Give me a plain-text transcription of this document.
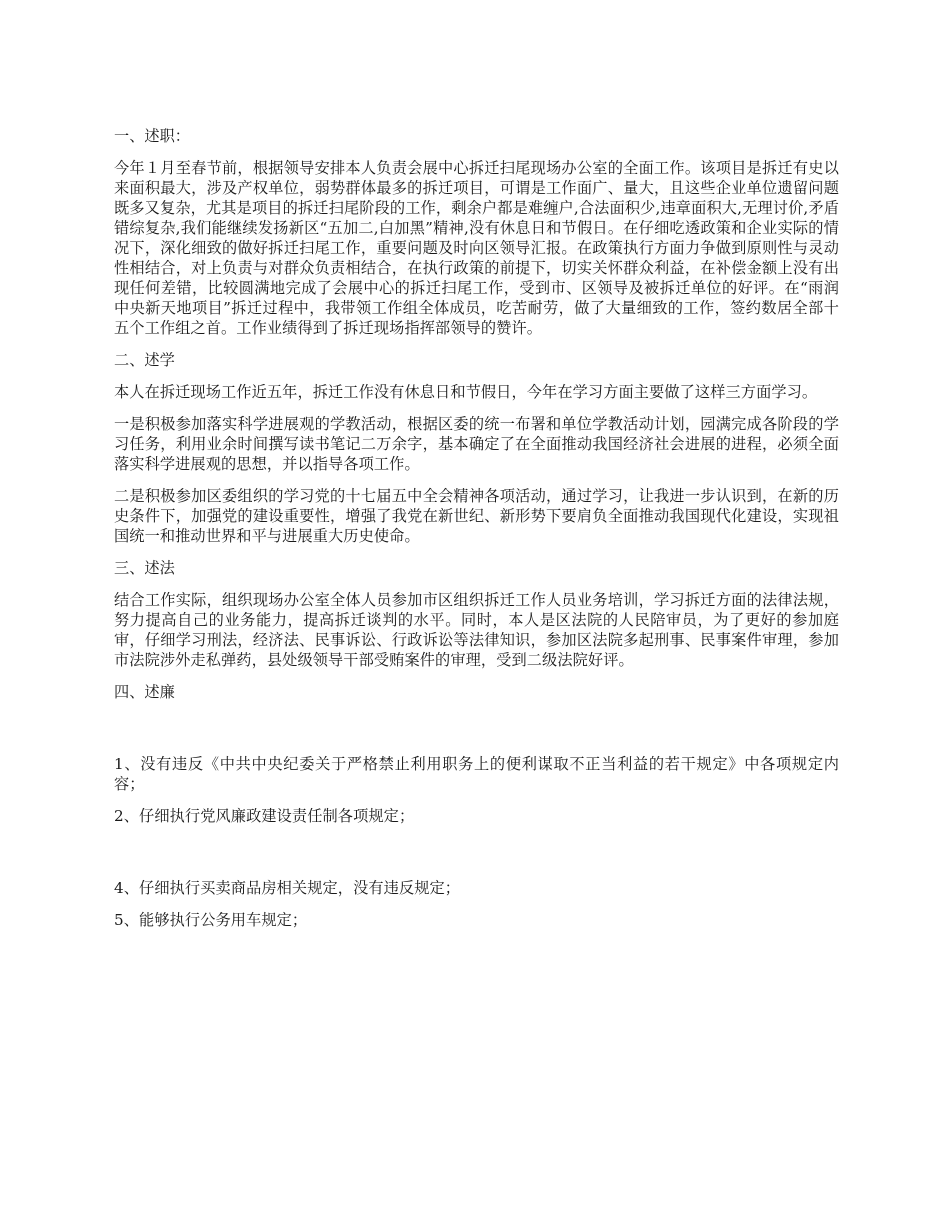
一、述职：

今年１月至春节前，根据领导安排本人负责会展中心拆迁扫尾现场办公室的全面工作。该项目是拆迁有史以来面积最大，涉及产权单位，弱势群体最多的拆迁项目，可谓是工作面广、量大，且这些企业单位遗留问题既多又复杂，尤其是项目的拆迁扫尾阶段的工作，剩余户都是难缠户,合法面积少,违章面积大,无理讨价,矛盾错综复杂,我们能继续发扬新区“五加二,白加黑”精神,没有休息日和节假日。在仔细吃透政策和企业实际的情况下，深化细致的做好拆迁扫尾工作，重要问题及时向区领导汇报。在政策执行方面力争做到原则性与灵动性相结合，对上负责与对群众负责相结合，在执行政策的前提下，切实关怀群众利益，在补偿金额上没有出现任何差错，比较圆满地完成了会展中心的拆迁扫尾工作，受到市、区领导及被拆迁单位的好评。在“雨润中央新天地项目”拆迁过程中，我带领工作组全体成员，吃苦耐劳，做了大量细致的工作，签约数居全部十五个工作组之首。工作业绩得到了拆迁现场指挥部领导的赞许。

二、述学

本人在拆迁现场工作近五年，拆迁工作没有休息日和节假日，今年在学习方面主要做了这样三方面学习。

一是积极参加落实科学进展观的学教活动，根据区委的统一布署和单位学教活动计划，园满完成各阶段的学习任务，利用业余时间撰写读书笔记二万余字，基本确定了在全面推动我国经济社会进展的进程，必须全面落实科学进展观的思想，并以指导各项工作。

二是积极参加区委组织的学习党的十七届五中全会精神各项活动，通过学习，让我进一步认识到，在新的历史条件下，加强党的建设重要性，增强了我党在新世纪、新形势下要肩负全面推动我国现代化建设，实现祖国统一和推动世界和平与进展重大历史使命。

三、述法

结合工作实际，组织现场办公室全体人员参加市区组织拆迁工作人员业务培训，学习拆迁方面的法律法规，努力提高自己的业务能力，提高拆迁谈判的水平。同时，本人是区法院的人民陪审员，为了更好的参加庭审，仔细学习刑法，经济法、民事诉讼、行政诉讼等法律知识，参加区法院多起刑事、民事案件审理，参加市法院涉外走私弹药，县处级领导干部受贿案件的审理，受到二级法院好评。

四、述廉

1、没有违反《中共中央纪委关于严格禁止利用职务上的便利谋取不正当利益的若干规定》中各项规定内容；

2、仔细执行党风廉政建设责任制各项规定；

4、仔细执行买卖商品房相关规定，没有违反规定；

5、能够执行公务用车规定；
